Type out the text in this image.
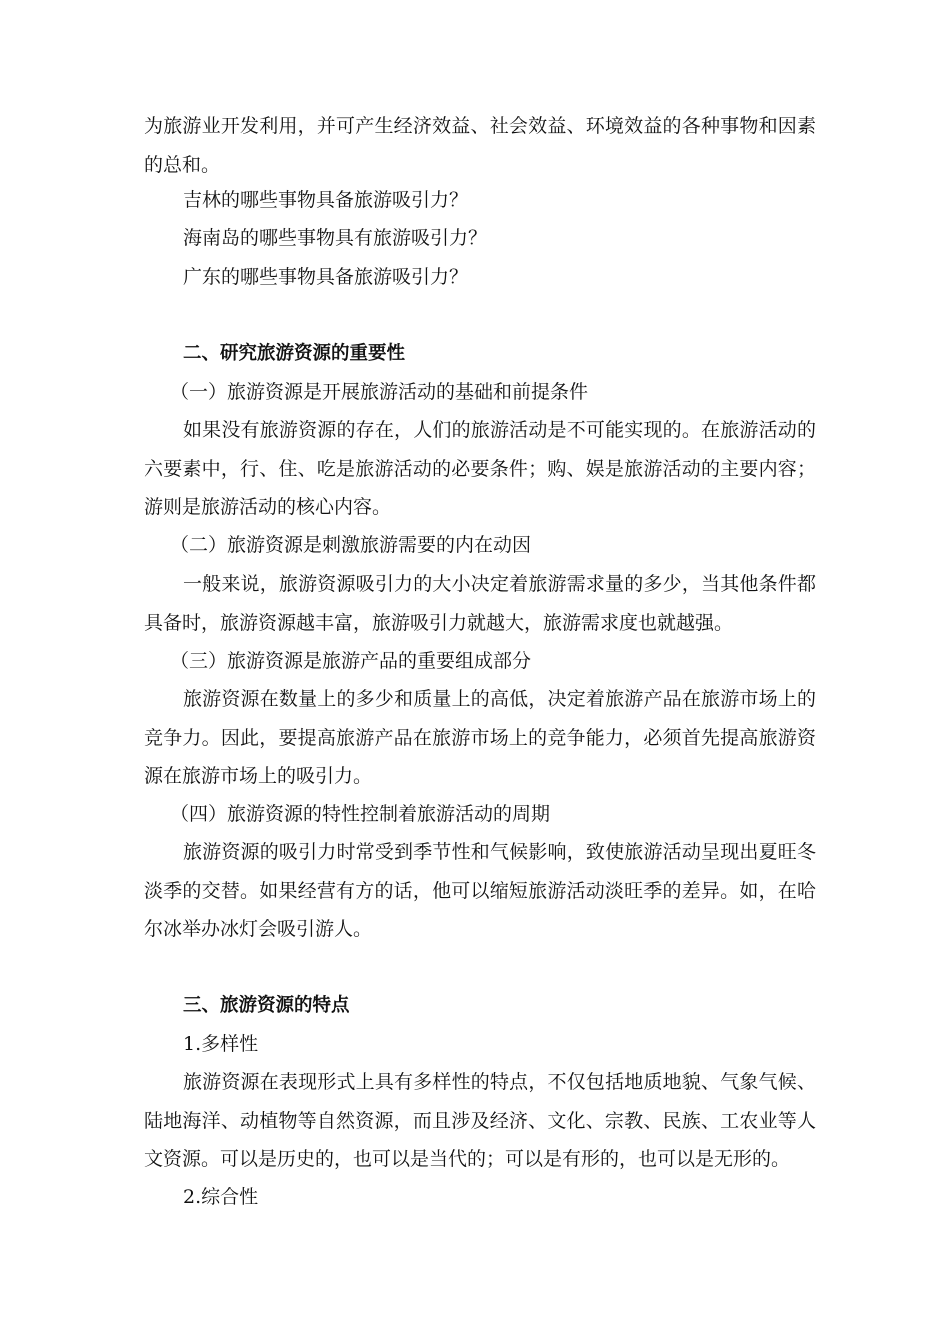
为旅游业开发利用，并可产生经济效益、社会效益、环境效益的各种事物和因素的总和。

吉林的哪些事物具备旅游吸引力？

海南岛的哪些事物具有旅游吸引力？

广东的哪些事物具备旅游吸引力？

二、研究旅游资源的重要性

（一）旅游资源是开展旅游活动的基础和前提条件

如果没有旅游资源的存在，人们的旅游活动是不可能实现的。在旅游活动的六要素中，行、住、吃是旅游活动的必要条件；购、娱是旅游活动的主要内容；游则是旅游活动的核心内容。

（二）旅游资源是刺激旅游需要的内在动因

一般来说，旅游资源吸引力的大小决定着旅游需求量的多少，当其他条件都具备时，旅游资源越丰富，旅游吸引力就越大，旅游需求度也就越强。

（三）旅游资源是旅游产品的重要组成部分

旅游资源在数量上的多少和质量上的高低，决定着旅游产品在旅游市场上的竞争力。因此，要提高旅游产品在旅游市场上的竞争能力，必须首先提高旅游资源在旅游市场上的吸引力。

（四）旅游资源的特性控制着旅游活动的周期

旅游资源的吸引力时常受到季节性和气候影响，致使旅游活动呈现出夏旺冬淡季的交替。如果经营有方的话，他可以缩短旅游活动淡旺季的差异。如，在哈尔冰举办冰灯会吸引游人。

三、旅游资源的特点

1.多样性

旅游资源在表现形式上具有多样性的特点，不仅包括地质地貌、气象气候、陆地海洋、动植物等自然资源，而且涉及经济、文化、宗教、民族、工农业等人文资源。可以是历史的，也可以是当代的；可以是有形的，也可以是无形的。

2.综合性
